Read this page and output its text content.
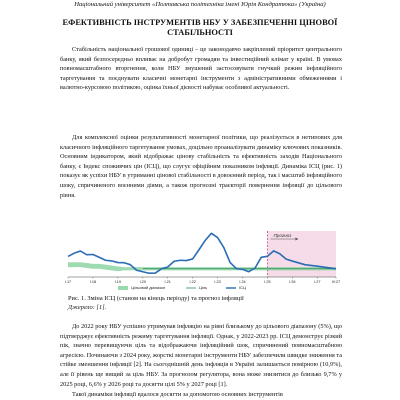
Національний університет «Полтавська політехніка імені Юрія Кондратюка» (Україна)
ЕФЕКТИВНІСТЬ ІНСТРУМЕНТІВ НБУ У ЗАБЕЗПЕЧЕННІ ЦІНОВОЇ
СТАБІЛЬНОСТІ

Стабільність національної грошової одиниці – це законодавчо закріплений пріоритет центрального банку, який безпосередньо впливає на добробут громадян та інвестиційний клімат у країні. В умовах повномасштабного вторгнення, коли НБУ змушений застосовувати гнучкий режим інфляційного таргетування та поєднувати класичні монетарні інструменти з адміністративними обмеженнями і валютно-курсовою політикою, оцінка їхньої дієвості набуває особливої актуальності.

Для комплексної оцінки результативності монетарної політики, що реалізується в нетипових для класичного інфляційного таргетування умовах, доцільно проаналізувати динаміку ключових показників. Основним індикатором, який відображає цінову стабільність та ефективність заходів Національного банку, є Індекс споживчих цін (ІСЦ), що слугує офіційним показником інфляції. Динаміка ІСЦ (рис. 1) показує як успіхи НБУ в утриманні цінової стабільності в довоєнний період, так і масштаб інфляційного шоку, спричиненого воєнними діями, а також прогнозні траєкторії повернення інфляції до цільового рівня.

Прогноз
I.17	I.18	I.19	I.20	I.21	I.22	I.23	I.24	I.25	I.26	I.27	IV.27
Цільовий діапазон	Ціль	ІСЦ
Рис. 1. Зміна ІСЦ (станом на кінець періоду) та прогноз інфляції
Джерело: [1].

До 2022 року НБУ успішно утримував інфляцію на рівні близькому до цільового діапазону (5%), що підтверджує ефективність режиму таргетування інфляції. Однак, у 2022-2023 рр. ІСЦ демонструє різкий пік, значно перевищуючи ціль та відображаючи інфляційний шок, спричинений повномасштабною агресією. Починаючи з 2024 року, жорсткі монетарні інструменти НБУ забезпечили швидке зниження та стійке зменшення інфляції [2]. На сьогоднішній день інфляція в Україні залишається помірною (10,9%), але її рівень ще вищий за ціль НБУ. За прогнозом регулятора, вона може знизитися до близько 9,7% у 2025 році, 6,6% у 2026 році та досягти цілі 5% у 2027 році [1].

Такої динаміки інфляції вдалося досягти за допомогою основних інструментів
